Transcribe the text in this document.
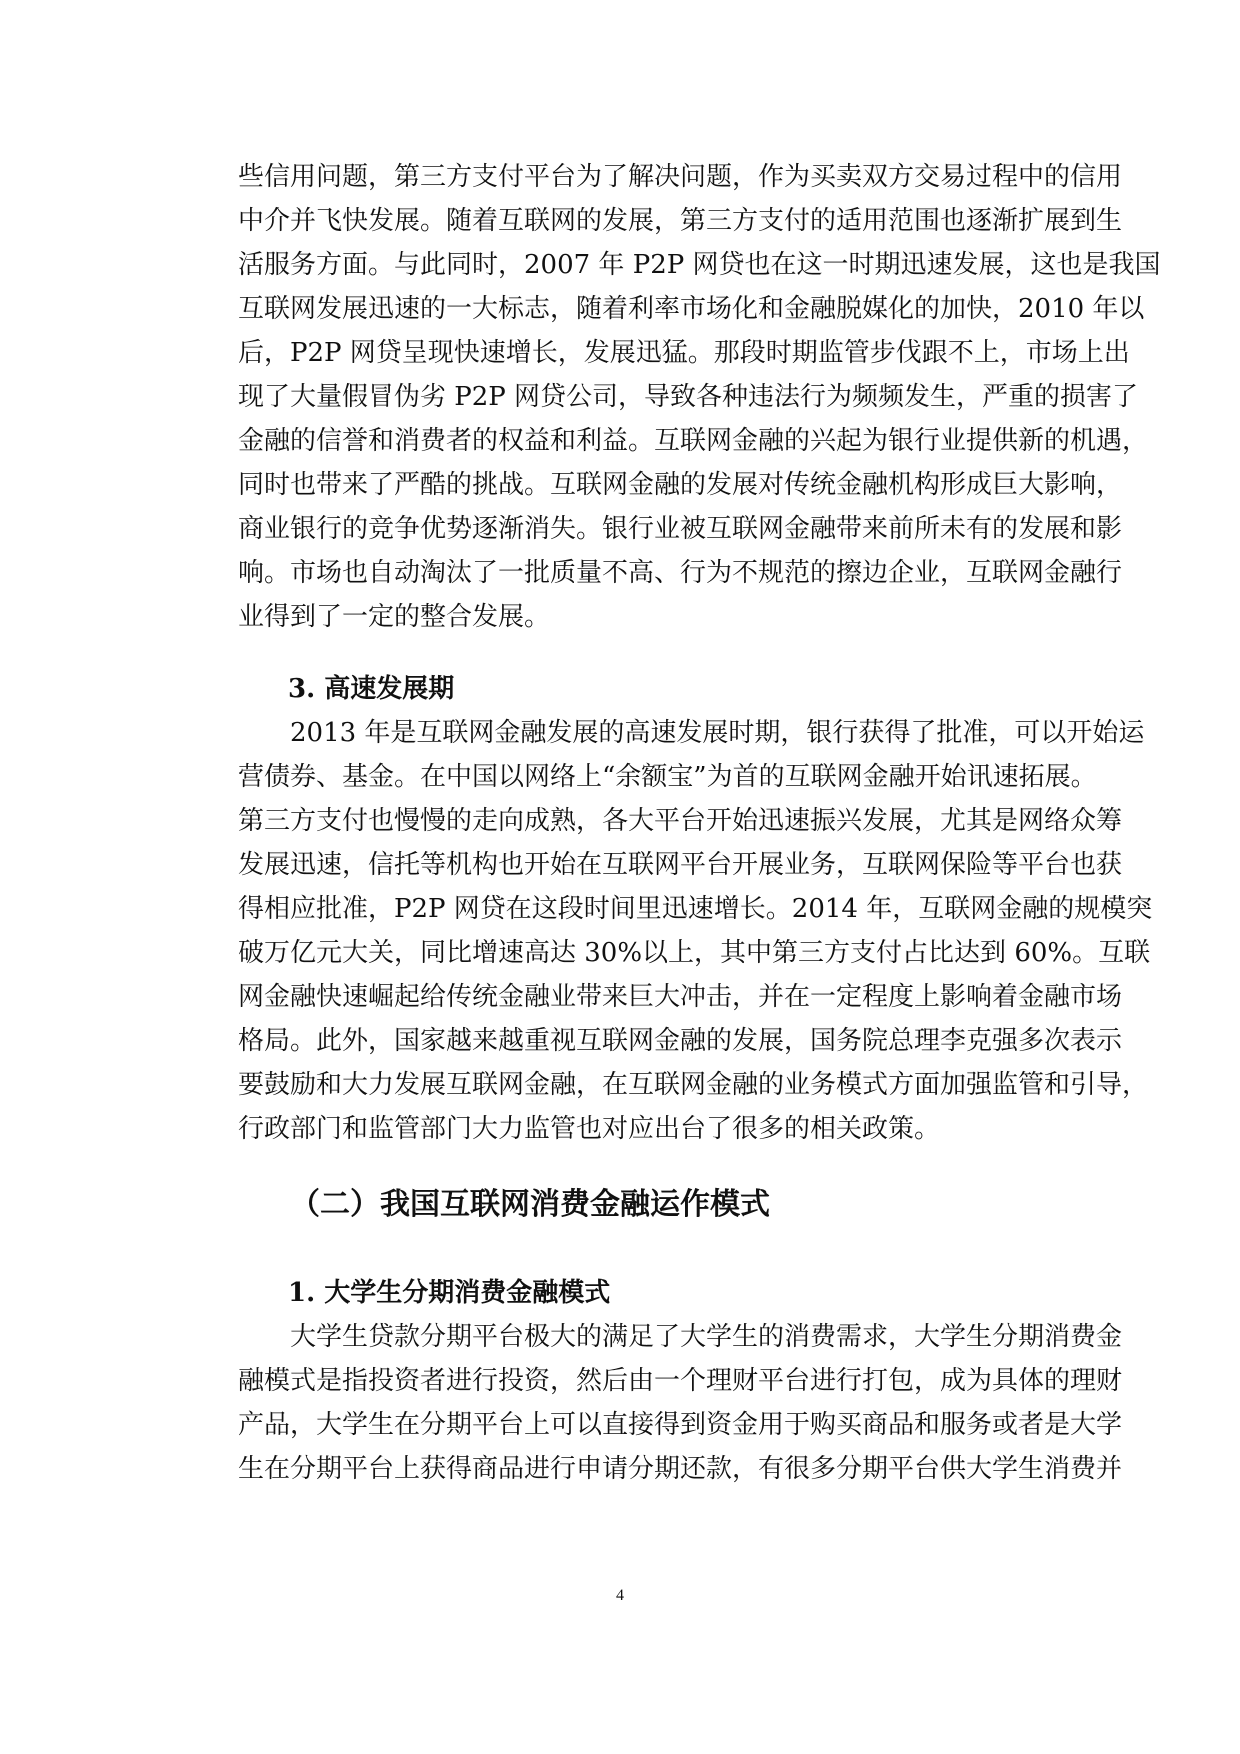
些信用问题，第三方支付平台为了解决问题，作为买卖双方交易过程中的信用
中介并飞快发展。随着互联网的发展，第三方支付的适用范围也逐渐扩展到生
活服务方面。与此同时，2007 年 P2P 网贷也在这一时期迅速发展，这也是我国
互联网发展迅速的一大标志，随着利率市场化和金融脱媒化的加快，2010 年以
后，P2P 网贷呈现快速增长，发展迅猛。那段时期监管步伐跟不上，市场上出
现了大量假冒伪劣 P2P 网贷公司，导致各种违法行为频频发生，严重的损害了
金融的信誉和消费者的权益和利益。互联网金融的兴起为银行业提供新的机遇，
同时也带来了严酷的挑战。互联网金融的发展对传统金融机构形成巨大影响，
商业银行的竞争优势逐渐消失。银行业被互联网金融带来前所未有的发展和影
响。市场也自动淘汰了一批质量不高、行为不规范的擦边企业，互联网金融行
业得到了一定的整合发展。
3. 高速发展期
2013 年是互联网金融发展的高速发展时期，银行获得了批准，可以开始运
营债券、基金。在中国以网络上“余额宝”为首的互联网金融开始讯速拓展。
第三方支付也慢慢的走向成熟，各大平台开始迅速振兴发展，尤其是网络众筹
发展迅速，信托等机构也开始在互联网平台开展业务，互联网保险等平台也获
得相应批准，P2P 网贷在这段时间里迅速增长。2014 年，互联网金融的规模突
破万亿元大关，同比增速高达 30%以上，其中第三方支付占比达到 60%。互联
网金融快速崛起给传统金融业带来巨大冲击，并在一定程度上影响着金融市场
格局。此外，国家越来越重视互联网金融的发展，国务院总理李克强多次表示
要鼓励和大力发展互联网金融，在互联网金融的业务模式方面加强监管和引导，
行政部门和监管部门大力监管也对应出台了很多的相关政策。
（二）我国互联网消费金融运作模式
1. 大学生分期消费金融模式
大学生贷款分期平台极大的满足了大学生的消费需求，大学生分期消费金
融模式是指投资者进行投资，然后由一个理财平台进行打包，成为具体的理财
产品，大学生在分期平台上可以直接得到资金用于购买商品和服务或者是大学
生在分期平台上获得商品进行申请分期还款，有很多分期平台供大学生消费并
4
